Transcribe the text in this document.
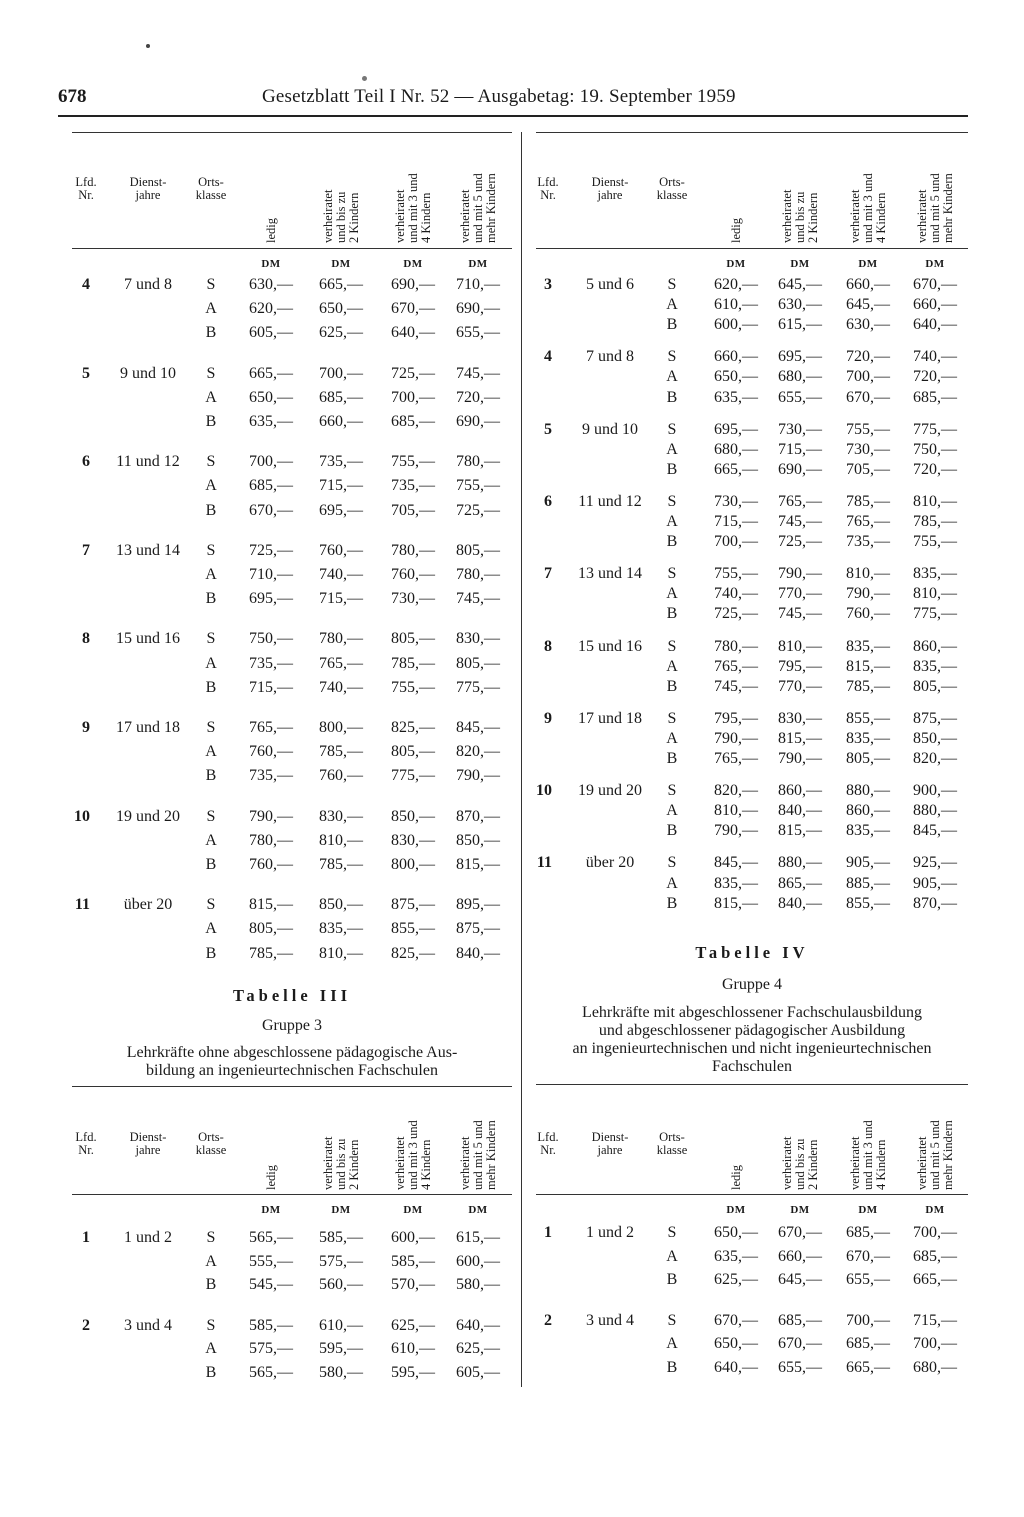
678	Gesetzblatt Teil I Nr. 52 — Ausgabetag: 19. September 1959
Tabelle III
Gruppe 3
Lehrkräfte ohne abgeschlossene pädagogische Aus-
bildung an ingenieurtechnischen Fachschulen
Tabelle IV
Gruppe 4
Lehrkräfte mit abgeschlossener Fachschulausbildung
und abgeschlossener pädagogischer Ausbildung
an ingenieurtechnischen und nicht ingenieurtechnischen
Fachschulen
Lfd.
Nr.
Dienst-
jahre
Orts-
klasse
ledig	verheiratet
und bis zu
2 Kindern	verheiratet
und mit 3 und
4 Kindern verheiratet
und mit 5 und
mehr Kindern
DM	DM	DM	DM
4	7 und 8	S	630,—	665,—	690,—	710,—
A	620,—	650,—	670,—	690,—
B	605,—	625,—	640,—	655,—
5	9 und 10	S	665,—	700,—	725,—	745,—
A	650,—	685,—	700,—	720,—
B	635,—	660,—	685,—	690,—
6	11 und 12	S	700,—	735,—	755,—	780,—
A	685,—	715,—	735,—	755,—
B	670,—	695,—	705,—	725,—
7	13 und 14	S	725,—	760,—	780,—	805,—
A	710,—	740,—	760,—	780,—
B	695,—	715,—	730,—	745,—
8	15 und 16	S	750,—	780,—	805,—	830,—
A	735,—	765,—	785,—	805,—
B	715,—	740,—	755,—	775,—
9	17 und 18	S	765,—	800,—	825,—	845,—
A	760,—	785,—	805,—	820,—
B	735,—	760,—	775,—	790,—
10	19 und 20	S	790,—	830,—	850,—	870,—
A	780,—	810,—	830,—	850,—
B	760,—	785,—	800,—	815,—
11	über 20	S	815,—	850,—	875,—	895,—
A	805,—	835,—	855,—	875,—
B	785,—	810,—	825,—	840,—
Lfd.
Nr.
Dienst-
jahre
Orts-
klasse
ledig	verheiratet
und bis zu
2 Kindern	verheiratet
und mit 3 und
4 Kindern verheiratet
und mit 5 und
mehr Kindern
DM	DM	DM	DM
1	1 und 2	S	565,—	585,—	600,—	615,—
A	555,—	575,—	585,—	600,—
B	545,—	560,—	570,—	580,—
2	3 und 4	S	585,—	610,—	625,—	640,—
A	575,—	595,—	610,—	625,—
B	565,—	580,—	595,—	605,—
Lfd.
Nr.
Dienst-
jahre
Orts-
klasse
ledig	verheiratet
und bis zu
2 Kindern verheiratet
und mit 3 und
4 Kindern verheiratet
und mit 5 und
mehr Kindern
DM	DM	DM	DM
3	5 und 6	S	620,—	645,—	660,—	670,—
A	610,—	630,—	645,—	660,—
B	600,—	615,—	630,—	640,—
4	7 und 8	S	660,—	695,—	720,—	740,—
A	650,—	680,—	700,—	720,—
B	635,—	655,—	670,—	685,—
5	9 und 10	S	695,—	730,—	755,—	775,—
A	680,—	715,—	730,—	750,—
B	665,—	690,—	705,—	720,—
6	11 und 12	S	730,—	765,—	785,—	810,—
A	715,—	745,—	765,—	785,—
B	700,—	725,—	735,—	755,—
7	13 und 14	S	755,—	790,—	810,—	835,—
A	740,—	770,—	790,—	810,—
B	725,—	745,—	760,—	775,—
8	15 und 16	S	780,—	810,—	835,—	860,—
A	765,—	795,—	815,—	835,—
B	745,—	770,—	785,—	805,—
9	17 und 18	S	795,—	830,—	855,—	875,—
A	790,—	815,—	835,—	850,—
B	765,—	790,—	805,—	820,—
10	19 und 20	S	820,—	860,—	880,—	900,—
A	810,—	840,—	860,—	880,—
B	790,—	815,—	835,—	845,—
11	über 20	S	845,—	880,—	905,—	925,—
A	835,—	865,—	885,—	905,—
B	815,—	840,—	855,—	870,—
Lfd.
Nr.
Dienst-
jahre
Orts-
klasse
ledig	verheiratet
und bis zu
2 Kindern verheiratet
und mit 3 und
4 Kindern verheiratet
und mit 5 und
mehr Kindern
DM	DM	DM	DM
1	1 und 2	S	650,—	670,—	685,—	700,—
A	635,—	660,—	670,—	685,—
B	625,—	645,—	655,—	665,—
2	3 und 4	S	670,—	685,—	700,—	715,—
A	650,—	670,—	685,—	700,—
B	640,—	655,—	665,—	680,—
